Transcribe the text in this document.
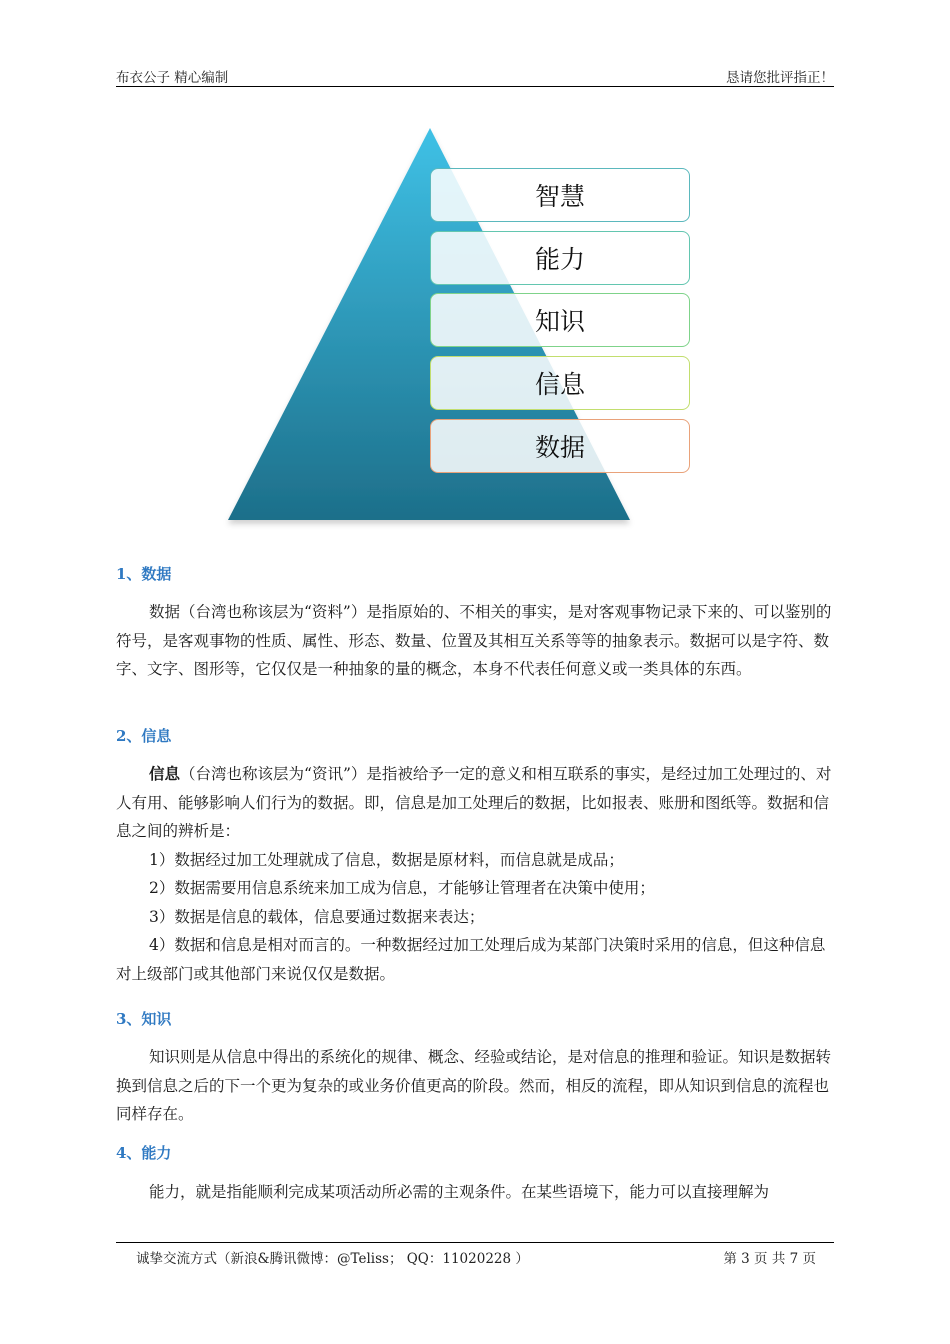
布衣公子 精心编制	恳请您批评指正！
智慧
能力
知识
信息
数据
1、数据

数据（台湾也称该层为“资料”）是指原始的、不相关的事实，是对客观事物记录下来的、可以鉴别的符号，是客观事物的性质、属性、形态、数量、位置及其相互关系等等的抽象表示。数据可以是字符、数字、文字、图形等，它仅仅是一种抽象的量的概念，本身不代表任何意义或一类具体的东西。

2、信息

信息（台湾也称该层为“资讯”）是指被给予一定的意义和相互联系的事实，是经过加工处理过的、对人有用、能够影响人们行为的数据。即，信息是加工处理后的数据，比如报表、账册和图纸等。数据和信息之间的辨析是：

1）数据经过加工处理就成了信息，数据是原材料，而信息就是成品；

2）数据需要用信息系统来加工成为信息，才能够让管理者在决策中使用；

3）数据是信息的载体，信息要通过数据来表达；

4）数据和信息是相对而言的。一种数据经过加工处理后成为某部门决策时采用的信息，但这种信息对上级部门或其他部门来说仅仅是数据。

3、知识

知识则是从信息中得出的系统化的规律、概念、经验或结论，是对信息的推理和验证。知识是数据转换到信息之后的下一个更为复杂的或业务价值更高的阶段。然而，相反的流程，即从知识到信息的流程也同样存在。

4、能力

能力，就是指能顺利完成某项活动所必需的主观条件。在某些语境下，能力可以直接理解为

诚挚交流方式（新浪&腾讯微博：@Teliss； QQ：11020228 ）	第 3 页 共 7 页
